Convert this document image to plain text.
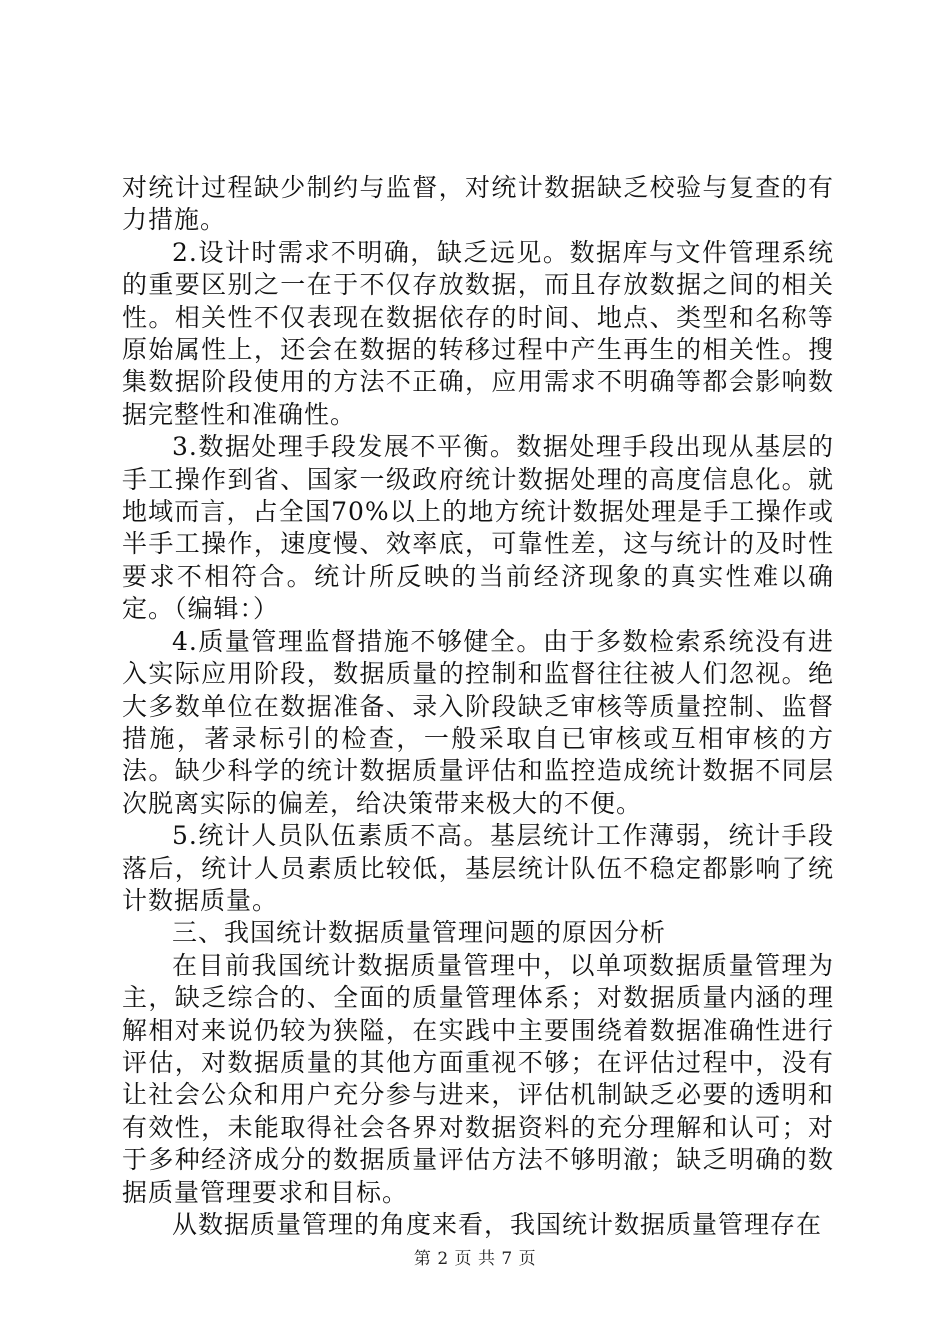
对统计过程缺少制约与监督，对统计数据缺乏校验与复查的有力措施。

2.设计时需求不明确，缺乏远见。数据库与文件管理系统的重要区别之一在于不仅存放数据，而且存放数据之间的相关性。相关性不仅表现在数据依存的时间、地点、类型和名称等原始属性上，还会在数据的转移过程中产生再生的相关性。搜集数据阶段使用的方法不正确，应用需求不明确等都会影响数据完整性和准确性。

3.数据处理手段发展不平衡。数据处理手段出现从基层的手工操作到省、国家一级政府统计数据处理的高度信息化。就地域而言，占全国70%以上的地方统计数据处理是手工操作或半手工操作，速度慢、效率底，可靠性差，这与统计的及时性要求不相符合。统计所反映的当前经济现象的真实性难以确定。（编辑：）

4.质量管理监督措施不够健全。由于多数检索系统没有进入实际应用阶段，数据质量的控制和监督往往被人们忽视。绝大多数单位在数据准备、录入阶段缺乏审核等质量控制、监督措施，著录标引的检查，一般采取自已审核或互相审核的方法。缺少科学的统计数据质量评估和监控造成统计数据不同层次脱离实际的偏差，给决策带来极大的不便。

5.统计人员队伍素质不高。基层统计工作薄弱，统计手段落后，统计人员素质比较低，基层统计队伍不稳定都影响了统计数据质量。

三、我国统计数据质量管理问题的原因分析

在目前我国统计数据质量管理中，以单项数据质量管理为主，缺乏综合的、全面的质量管理体系；对数据质量内涵的理解相对来说仍较为狭隘，在实践中主要围绕着数据准确性进行评估，对数据质量的其他方面重视不够；在评估过程中，没有让社会公众和用户充分参与进来，评估机制缺乏必要的透明和有效性，未能取得社会各界对数据资料的充分理解和认可；对于多种经济成分的数据质量评估方法不够明澈；缺乏明确的数据质量管理要求和目标。

从数据质量管理的角度来看，我国统计数据质量管理存在

第 2 页 共 7 页
